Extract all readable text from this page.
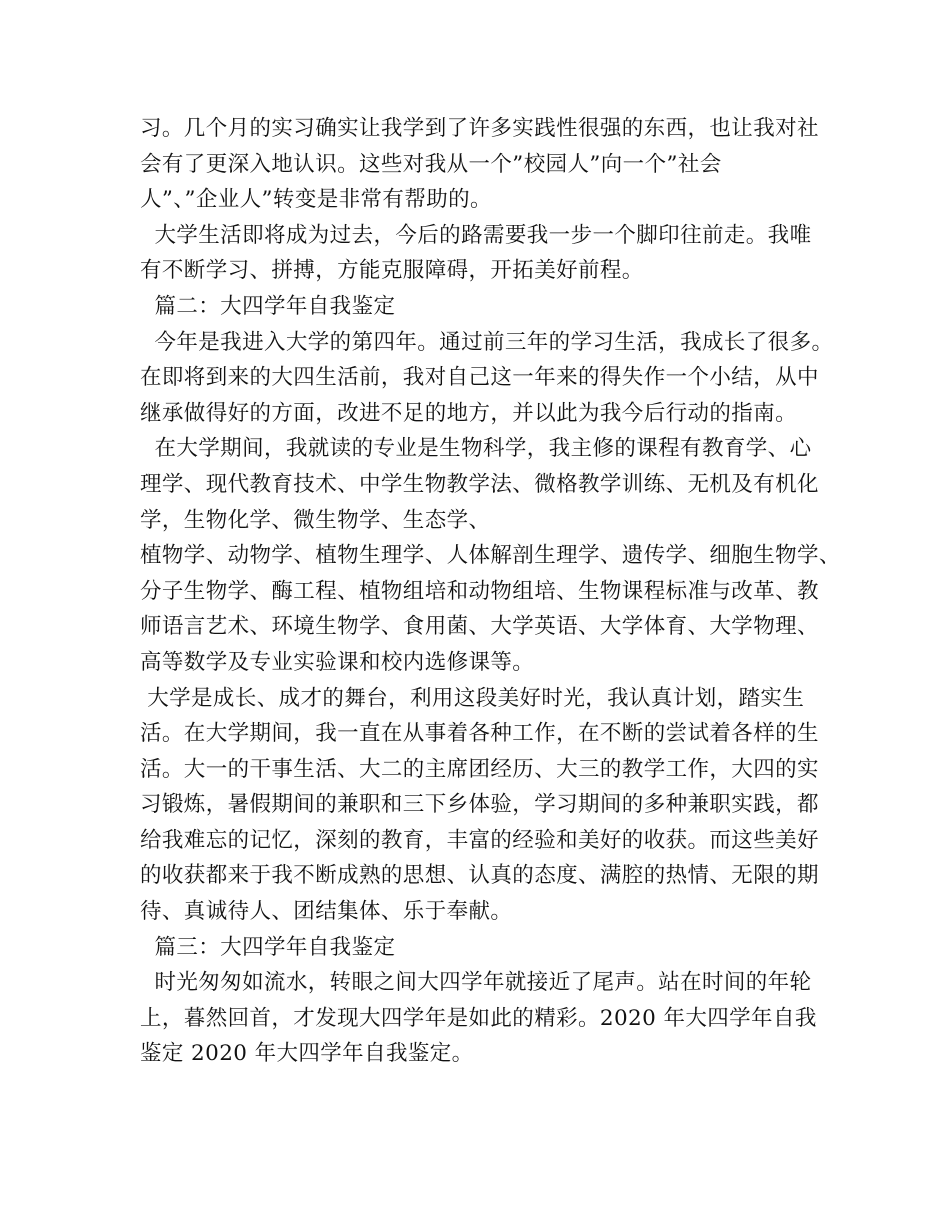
习。几个月的实习确实让我学到了许多实践性很强的东西，也让我对社
会有了更深入地认识。这些对我从一个”校园人”向一个”社会
人”、”企业人”转变是非常有帮助的。
大学生活即将成为过去，今后的路需要我一步一个脚印往前走。我唯
有不断学习、拼搏，方能克服障碍，开拓美好前程。
篇二：大四学年自我鉴定
今年是我进入大学的第四年。通过前三年的学习生活，我成长了很多。
在即将到来的大四生活前，我对自己这一年来的得失作一个小结，从中
继承做得好的方面，改进不足的地方，并以此为我今后行动的指南。
在大学期间，我就读的专业是生物科学，我主修的课程有教育学、心
理学、现代教育技术、中学生物教学法、微格教学训练、无机及有机化
学，生物化学、微生物学、生态学、
植物学、动物学、植物生理学、人体解剖生理学、遗传学、细胞生物学、
分子生物学、酶工程、植物组培和动物组培、生物课程标准与改革、教
师语言艺术、环境生物学、食用菌、大学英语、大学体育、大学物理、
高等数学及专业实验课和校内选修课等。
大学是成长、成才的舞台，利用这段美好时光，我认真计划，踏实生
活。在大学期间，我一直在从事着各种工作，在不断的尝试着各样的生
活。大一的干事生活、大二的主席团经历、大三的教学工作，大四的实
习锻炼，暑假期间的兼职和三下乡体验，学习期间的多种兼职实践，都
给我难忘的记忆，深刻的教育，丰富的经验和美好的收获。而这些美好
的收获都来于我不断成熟的思想、认真的态度、满腔的热情、无限的期
待、真诚待人、团结集体、乐于奉献。
篇三：大四学年自我鉴定
时光匆匆如流水，转眼之间大四学年就接近了尾声。站在时间的年轮
上，暮然回首，才发现大四学年是如此的精彩。2020 年大四学年自我
鉴定 2020 年大四学年自我鉴定。
